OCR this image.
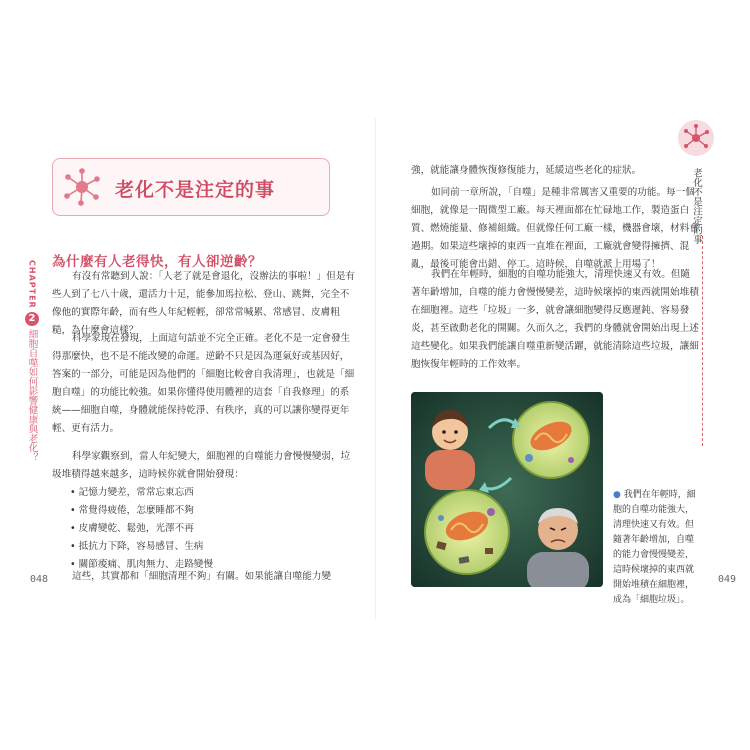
CHAPTER
2
細胞自噬如何影響健康與老化？
老化不是注定的事
為什麼有人老得快，有人卻逆齡？

有沒有常聽到人說：「人老了就是會退化，沒辦法的事啦！」但是有些人到了七八十歲，還活力十足，能參加馬拉松、登山、跳舞，完全不像他的實際年齡，而有些人年紀輕輕，卻常常喊累、常感冒、皮膚粗糙，為什麼會這樣？

科學家現在發現，上面這句話並不完全正確。老化不是一定會發生得那麼快，也不是不能改變的命運。逆齡不只是因為運氣好或基因好，答案的一部分，可能是因為他們的「細胞比較會自我清理」，也就是「細胞自噬」的功能比較強。如果你懂得使用體裡的這套「自我修理」的系統——細胞自噬，身體就能保持乾淨、有秩序，真的可以讓你變得更年輕、更有活力。

科學家觀察到，當人年紀變大，細胞裡的自噬能力會慢慢變弱，垃圾堆積得越來越多，這時候你就會開始發現：

• 記憶力變差，常常忘東忘西
• 常覺得疲倦，怎麼睡都不夠
• 皮膚變乾、鬆弛，光澤不再
• 抵抗力下降，容易感冒、生病
• 關節痠痛、肌肉無力、走路變慢

這些，其實都和「細胞清理不夠」有關。如果能讓自噬能力變

048

強，就能讓身體恢復修復能力，延緩這些老化的症狀。

如同前一章所說，「自噬」是種非常厲害又重要的功能。每一個細胞，就像是一間微型工廠。每天裡面都在忙碌地工作，製造蛋白質、燃燒能量、修補組織。但就像任何工廠一樣，機器會壞，材料會過期。如果這些壞掉的東西一直堆在裡面，工廠就會變得擁擠、混亂，最後可能會出錯、停工。這時候，自噬就派上用場了！

我們在年輕時，細胞的自噬功能強大，清理快速又有效。但隨著年齡增加，自噬的能力會慢慢變差，這時候壞掉的東西就開始堆積在細胞裡。這些「垃圾」一多，就會讓細胞變得反應遲鈍、容易發炎，甚至啟動老化的開關。久而久之，我們的身體就會開始出現上述這些變化。如果我們能讓自噬重新變活躍，就能清除這些垃圾，讓細胞恢復年輕時的工作效率。

● 我們在年輕時，細胞的自噬功能強大，清理快速又有效。但隨著年齡增加，自噬的能力會慢慢變差，這時候壞掉的東西就開始堆積在細胞裡，成為「細胞垃圾」。
049
老化不是注定的事
